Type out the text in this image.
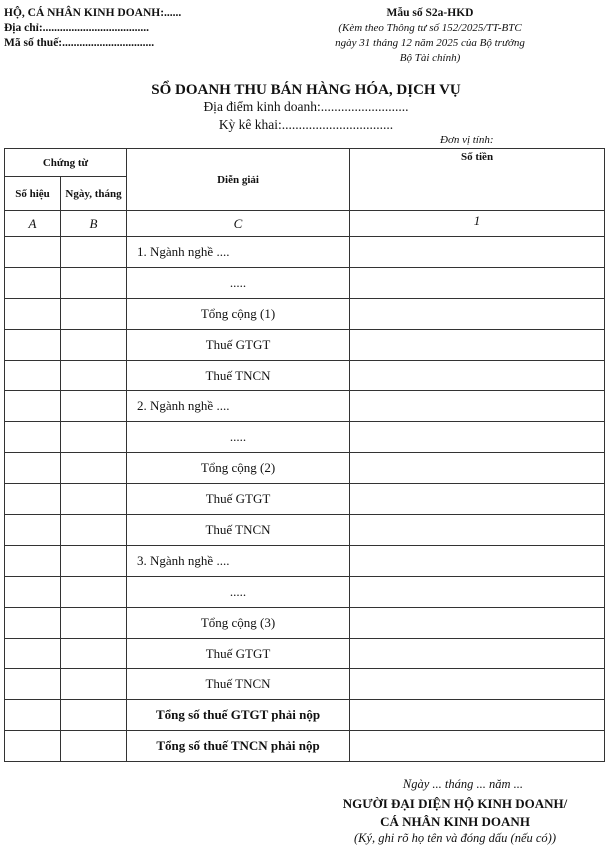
HỘ, CÁ NHÂN KINH DOANH:......
Địa chỉ:.....................................
Mã số thuế:................................
Mẫu số S2a-HKD
(Kèm theo Thông tư số 152/2025/TT-BTC
ngày 31 tháng 12 năm 2025 của Bộ trưởng
Bộ Tài chính)
SỔ DOANH THU BÁN HÀNG HÓA, DỊCH VỤ
Địa điểm kinh doanh:..........................
Kỳ kê khai:.................................
Đơn vị tính:
Chứng từ		Diễn giải	Số tiền
Số hiệu	Ngày, tháng		
A	B	C	1
		1. Ngành nghề ....	
		.....	
		Tổng cộng (1)	
		Thuế GTGT	
		Thuế TNCN	
		2. Ngành nghề ....	
		.....	
		Tổng cộng (2)	
		Thuế GTGT	
		Thuế TNCN	
		3. Ngành nghề ....	
		.....	
		Tổng cộng (3)	
		Thuế GTGT	
		Thuế TNCN	
		Tổng số thuế GTGT phải nộp	
		Tổng số thuế TNCN phải nộp	
Ngày ... tháng ... năm ...
NGƯỜI ĐẠI DIỆN HỘ KINH DOANH/
CÁ NHÂN KINH DOANH
(Ký, ghi rõ họ tên và đóng dấu (nếu có))
